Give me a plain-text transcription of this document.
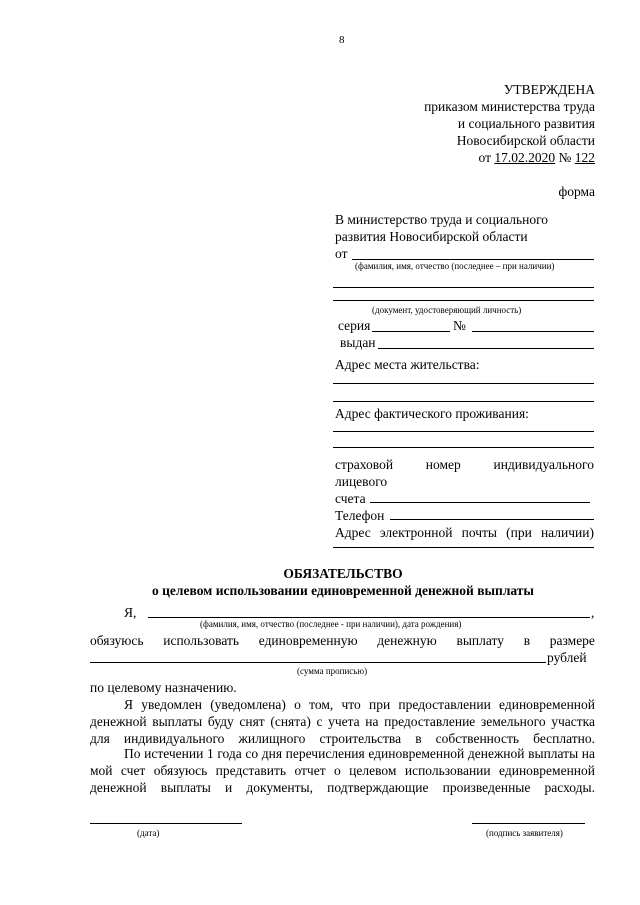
8
УТВЕРЖДЕНА
приказом министерства труда
и социального развития
Новосибирской области
от 17.02.2020 № 122
форма
В министерство труда и социального
развития Новосибирской области
от
(фамилия, имя, отчество (последнее – при наличии)
(документ, удостоверяющий личность)
серия	№
выдан
Адрес места жительства:
Адрес фактического проживания:
страховой номер индивидуального
лицевого
счета
Телефон
Адрес электронной почты (при наличии)
ОБЯЗАТЕЛЬСТВО
о целевом использовании единовременной денежной выплаты
Я,	,
(фамилия, имя, отчество (последнее - при наличии), дата рождения)
обязуюсь использовать единовременную денежную выплату в размере
рублей
(сумма прописью)
по целевому назначению.
Я уведомлен (уведомлена) о том, что при предоставлении единовременной денежной выплаты буду снят (снята) с учета на предоставление земельного участка для индивидуального жилищного строительства в собственность бесплатно.
По истечении 1 года со дня перечисления единовременной денежной выплаты на мой счет обязуюсь представить отчет о целевом использовании единовременной денежной выплаты и документы, подтверждающие произведенные расходы.
(дата)	(подпись заявителя)
